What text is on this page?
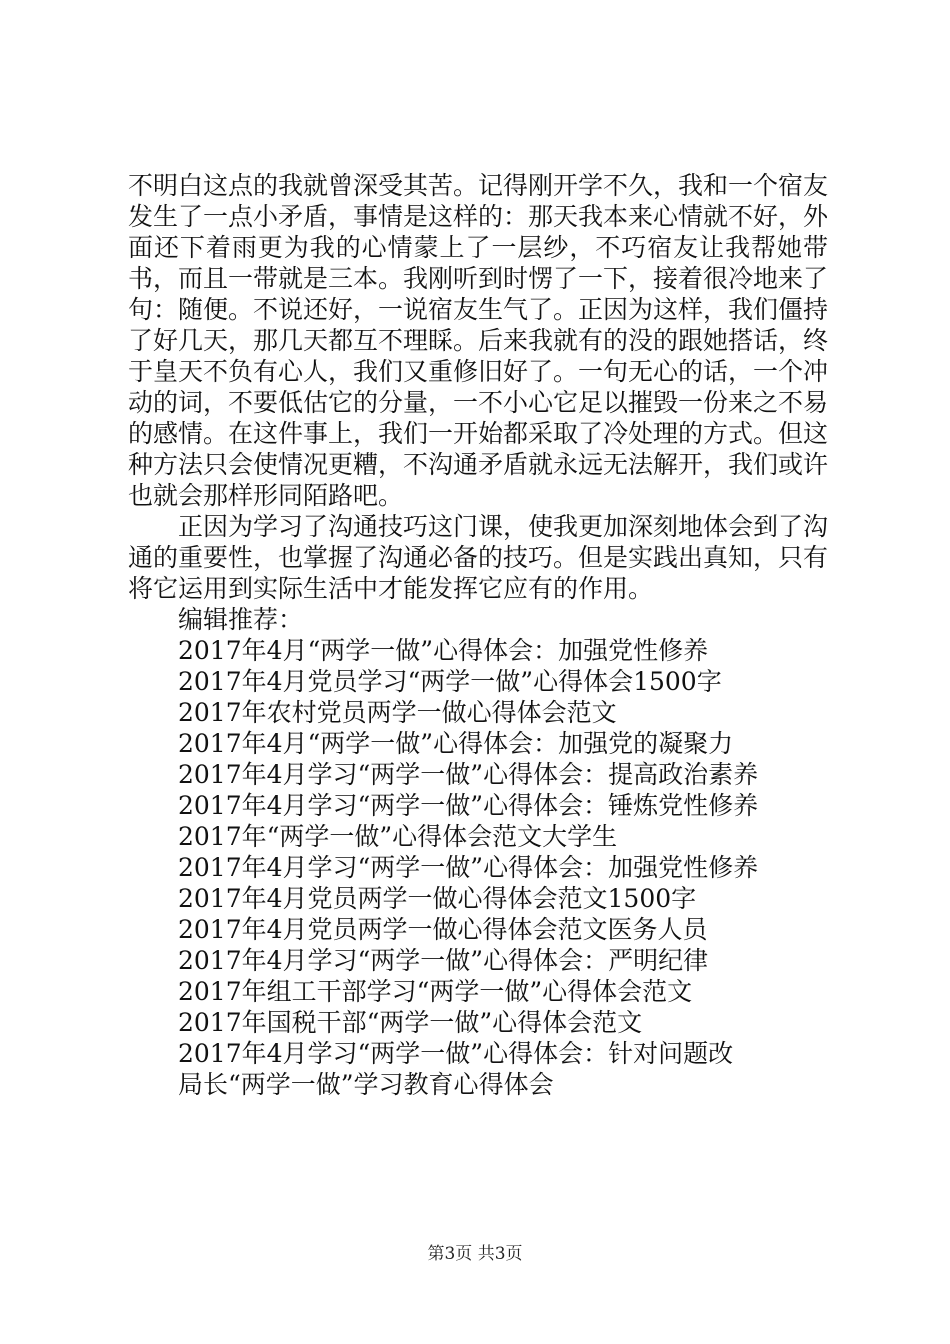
不明白这点的我就曾深受其苦。记得刚开学不久，我和一个宿友发生了一点小矛盾，事情是这样的：那天我本来心情就不好，外面还下着雨更为我的心情蒙上了一层纱，不巧宿友让我帮她带书，而且一带就是三本。我刚听到时愣了一下，接着很冷地来了句：随便。不说还好，一说宿友生气了。正因为这样，我们僵持了好几天，那几天都互不理睬。后来我就有的没的跟她搭话，终于皇天不负有心人，我们又重修旧好了。一句无心的话，一个冲动的词，不要低估它的分量，一不小心它足以摧毁一份来之不易的感情。在这件事上，我们一开始都采取了冷处理的方式。但这种方法只会使情况更糟，不沟通矛盾就永远无法解开，我们或许也就会那样形同陌路吧。

正因为学习了沟通技巧这门课，使我更加深刻地体会到了沟通的重要性，也掌握了沟通必备的技巧。但是实践出真知，只有将它运用到实际生活中才能发挥它应有的作用。

编辑推荐：

2017年4月“两学一做”心得体会：加强党性修养
2017年4月党员学习“两学一做”心得体会1500字
2017年农村党员两学一做心得体会范文
2017年4月“两学一做”心得体会：加强党的凝聚力
2017年4月学习“两学一做”心得体会：提高政治素养
2017年4月学习“两学一做”心得体会：锤炼党性修养
2017年“两学一做”心得体会范文大学生
2017年4月学习“两学一做”心得体会：加强党性修养
2017年4月党员两学一做心得体会范文1500字
2017年4月党员两学一做心得体会范文医务人员
2017年4月学习“两学一做”心得体会：严明纪律
2017年组工干部学习“两学一做”心得体会范文
2017年国税干部“两学一做”心得体会范文
2017年4月学习“两学一做”心得体会：针对问题改
局长“两学一做”学习教育心得体会
第3页 共3页
